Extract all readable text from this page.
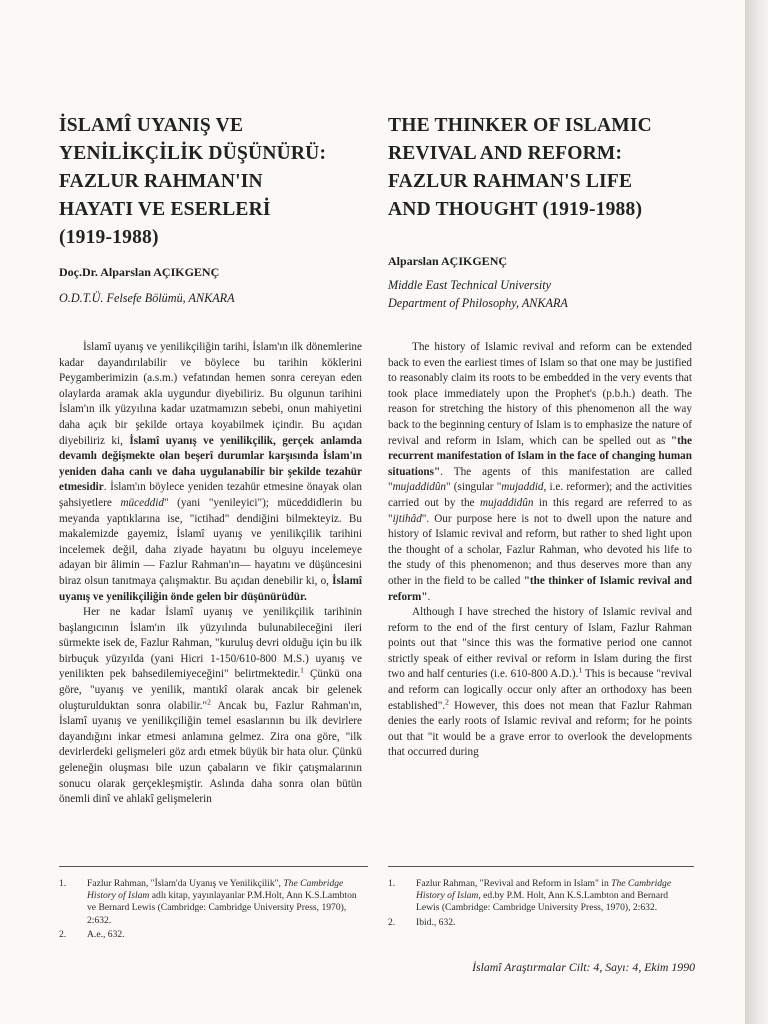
İSLAMÎ UYANIŞ VE
YENİLİKÇİLİK DÜŞÜNÜRÜ:
FAZLUR RAHMAN'IN
HAYATI VE ESERLERİ
(1919-1988)
Doç.Dr. Alparslan AÇIKGENÇ
O.D.T.Ü. Felsefe Bölümü, ANKARA

İslamî uyanış ve yenilikçiliğin tarihi, İslam'ın ilk dönemlerine kadar dayandırılabilir ve böylece bu tarihin köklerini Peygamberimizin (a.s.m.) vefatından hemen sonra cereyan eden olaylarda aramak akla uygundur diyebiliriz. Bu olgunun tarihini İslam'ın ilk yüzyılına kadar uzatmamızın sebebi, onun mahiyetini daha açık bir şekilde ortaya koyabilmek içindir. Bu açıdan diyebiliriz ki, İslamî uyanış ve yenilikçilik, gerçek anlamda devamlı değişmekte olan beşerî durumlar karşısında İslam'ın yeniden daha canlı ve daha uygulanabilir bir şekilde tezahür etmesidir. İslam'ın böylece yeniden tezahür etmesine önayak olan şahsiyetlere müceddid" (yani "yenileyici"); müceddidlerin bu meyanda yaptıklarına ise, "ictihad" dendiğini bilmekteyiz. Bu makalemizde gayemiz, İslamî uyanış ve yenilikçilik tarihini incelemek değil, daha ziyade hayatını bu olguyu incelemeye adayan bir âlimin — Fazlur Rahman'ın— hayatını ve düşüncesini biraz olsun tanıtmaya çalışmaktır. Bu açıdan denebilir ki, o, İslamî uyanış ve yenilikçiliğin önde gelen bir düşünürüdür.

Her ne kadar İslamî uyanış ve yenilikçilik tarihinin başlangıcının İslam'ın ilk yüzyılında bulunabileceğini ileri sürmekte isek de, Fazlur Rahman, "kuruluş devri olduğu için bu ilk birbuçuk yüzyılda (yani Hicri 1-150/610-800 M.S.) uyanış ve yenilikten pek bahsedilemiyeceğini" belirtmektedir.$^1$ Çünkü ona göre, "uyanış ve yenilik, mantıkî olarak ancak bir gelenek oluşturulduktan sonra olabilir."$^2$ Ancak bu, Fazlur Rahman'ın, İslamî uyanış ve yenilikçiliğin temel esaslarının bu ilk devirlere dayandığını inkar etmesi anlamına gelmez. Zira ona göre, "ilk devirlerdeki gelişmeleri göz ardı etmek büyük bir hata olur. Çünkü geleneğin oluşması bile uzun çabaların ve fikir çatışmalarının sonucu olarak gerçekleşmiştir. Aslında daha sonra olan bütün önemli dinî ve ahlakî gelişmelerin

1.	Fazlur Rahman, "İslam'da Uyanış ve Yenilikçilik", The Cambridge History of Islam adlı kitap, yayınlayanlar P.M.Holt, Ann K.S.Lambton ve Bernard Lewis (Cambridge: Cambridge University Press, 1970), 2:632.
2.	A.e., 632.
THE THINKER OF ISLAMIC
REVIVAL AND REFORM:
FAZLUR RAHMAN'S LIFE
AND THOUGHT (1919-1988)
Alparslan AÇIKGENÇ
Middle East Technical University
Department of Philosophy, ANKARA

The history of Islamic revival and reform can be extended back to even the earliest times of Islam so that one may be justified to reasonably claim its roots to be embedded in the very events that took place immediately upon the Prophet's (p.b.h.) death. The reason for stretching the history of this phenomenon all the way back to the beginning century of Islam is to emphasize the nature of revival and reform in Islam, which can be spelled out as "the recurrent manifestation of Islam in the face of changing human situations". The agents of this manifestation are called "mujaddidûn" (singular "mujaddid, i.e. reformer); and the activities carried out by the mujaddidûn in this regard are referred to as "ijtihâd". Our purpose here is not to dwell upon the nature and history of Islamic revival and reform, but rather to shed light upon the thought of a scholar, Fazlur Rahman, who devoted his life to the study of this phenomenon; and thus deserves more than any other in the field to be called "the thinker of Islamic revival and reform".

Although I have streched the history of Islamic revival and reform to the end of the first century of Islam, Fazlur Rahman points out that "since this was the formative period one cannot strictly speak of either revival or reform in Islam during the first two and half centuries (i.e. 610-800 A.D.).$^1$ This is because "revival and reform can logically occur only after an orthodoxy has been established".$^2$ However, this does not mean that Fazlur Rahman denies the early roots of Islamic revival and reform; for he points out that "it would be a grave error to overlook the developments that occurred during

1.	Fazlur Rahman, "Revival and Reform in Islam" in The Cambridge History of Islam, ed.by P.M. Holt, Ann K.S.Lambton and Bernard Lewis (Cambridge: Cambridge University Press, 1970), 2:632.
2.	Ibid., 632.
İslamî Araştırmalar Cilt: 4, Sayı: 4, Ekim 1990
